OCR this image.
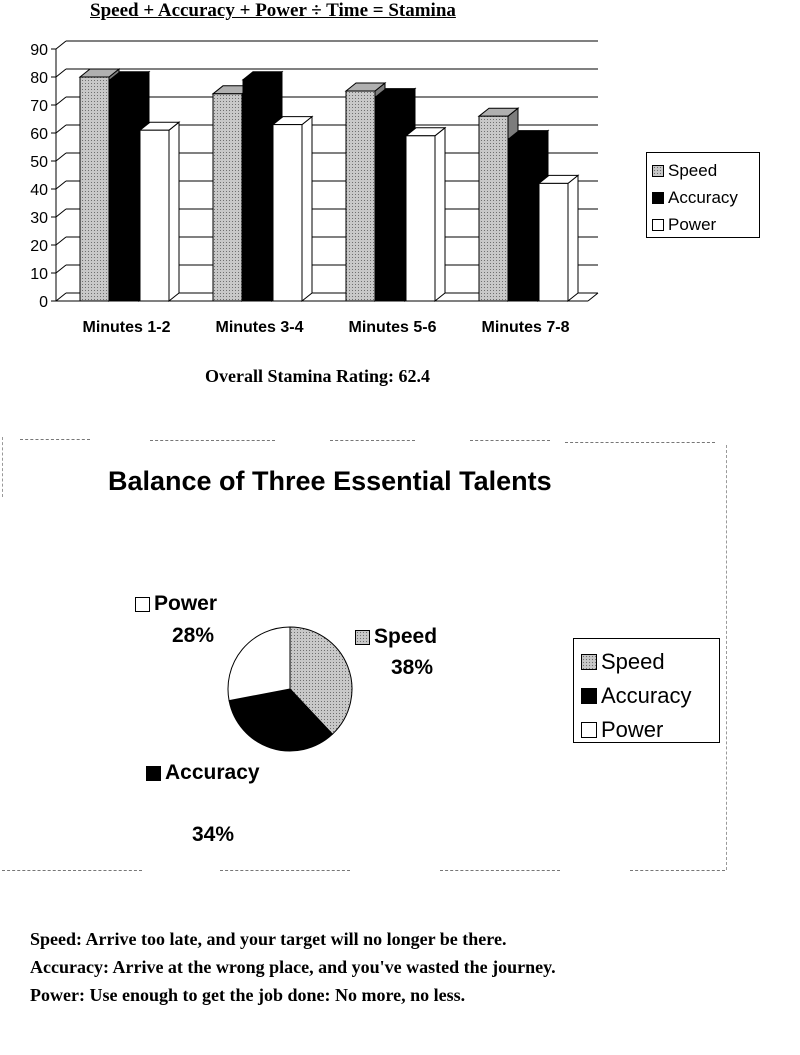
Speed + Accuracy + Power ÷ Time = Stamina
0
10
20
30
40
50
60
70
80
90
Minutes 1-2	Minutes 3-4	Minutes 5-6	Minutes 7-8
Speed
Accuracy
Power
Overall Stamina Rating: 62.4
Balance of Three Essential Talents
Power
28%	Speed
38%
Accuracy
34%
Speed
Accuracy
Power
Speed: Arrive too late, and your target will no longer be there.
Accuracy: Arrive at the wrong place, and you've wasted the journey.
Power: Use enough to get the job done: No more, no less.
